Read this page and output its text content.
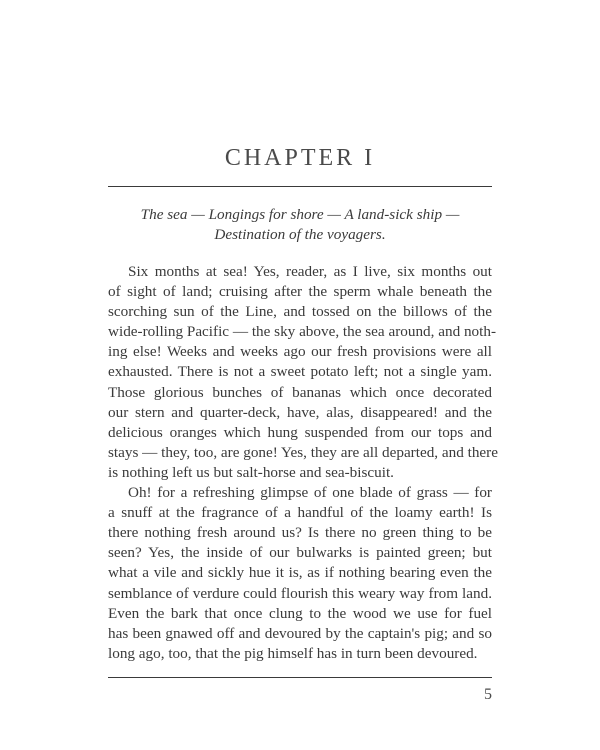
CHAPTER I
The sea — Longings for shore — A land-sick ship —
Destination of the voyagers.
Six months at sea! Yes, reader, as I live, six months out
of sight of land; cruising after the sperm whale beneath the
scorching sun of the Line, and tossed on the billows of the
wide-rolling Pacific — the sky above, the sea around, and noth-
ing else! Weeks and weeks ago our fresh provisions were all
exhausted. There is not a sweet potato left; not a single yam.
Those glorious bunches of bananas which once decorated
our stern and quarter-deck, have, alas, disappeared! and the
delicious oranges which hung suspended from our tops and
stays — they, too, are gone! Yes, they are all departed, and there
is nothing left us but salt-horse and sea-biscuit.
Oh! for a refreshing glimpse of one blade of grass — for
a snuff at the fragrance of a handful of the loamy earth! Is
there nothing fresh around us? Is there no green thing to be
seen? Yes, the inside of our bulwarks is painted green; but
what a vile and sickly hue it is, as if nothing bearing even the
semblance of verdure could flourish this weary way from land.
Even the bark that once clung to the wood we use for fuel
has been gnawed off and devoured by the captain's pig; and so
long ago, too, that the pig himself has in turn been devoured.
5
